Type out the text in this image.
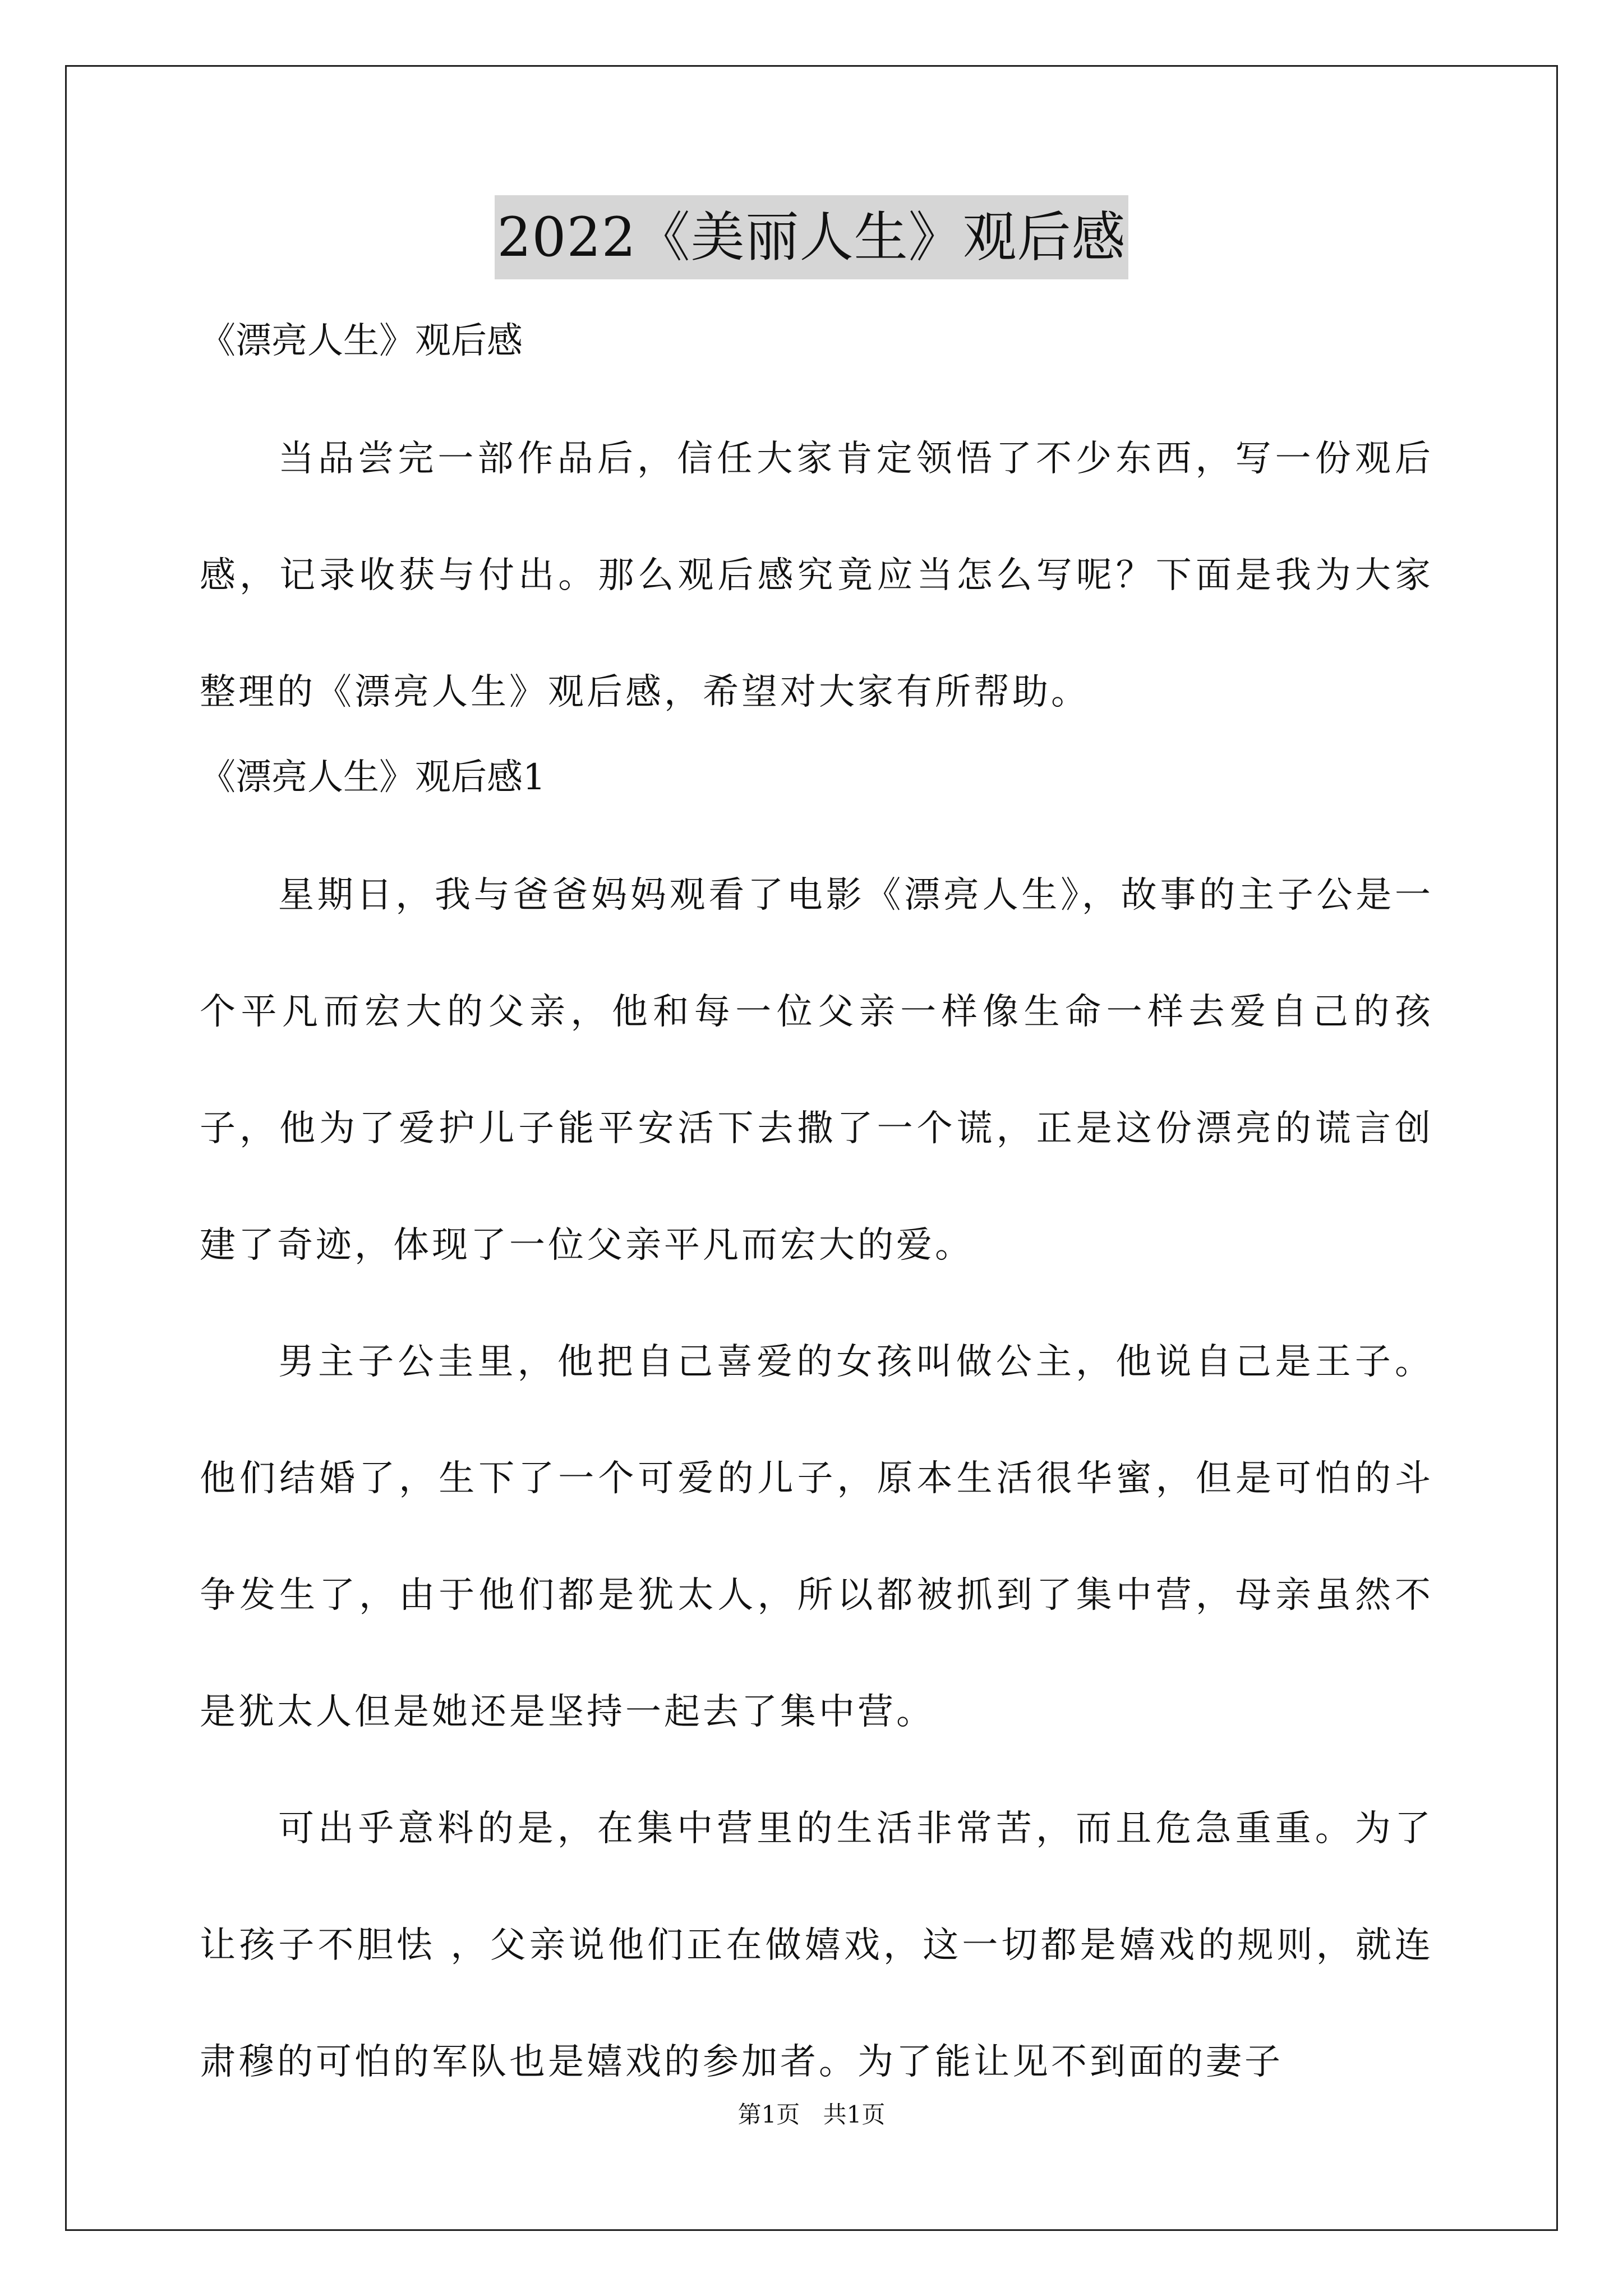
2022《美丽人生》观后感

《漂亮人生》观后感

当品尝完一部作品后，信任大家肯定领悟了不少东西，写一份观后感，记录收获与付出。那么观后感究竟应当怎么写呢？下面是我为大家整理的《漂亮人生》观后感，希望对大家有所帮助。

《漂亮人生》观后感1

星期日，我与爸爸妈妈观看了电影《漂亮人生》，故事的主子公是一个平凡而宏大的父亲，他和每一位父亲一样像生命一样去爱自己的孩子，他为了爱护儿子能平安活下去撒了一个谎，正是这份漂亮的谎言创建了奇迹，体现了一位父亲平凡而宏大的爱。

男主子公圭里，他把自己喜爱的女孩叫做公主，他说自己是王子。他们结婚了，生下了一个可爱的儿子，原本生活很华蜜，但是可怕的斗争发生了，由于他们都是犹太人，所以都被抓到了集中营，母亲虽然不是犹太人但是她还是坚持一起去了集中营。

可出乎意料的是，在集中营里的生活非常苦，而且危急重重。为了让孩子不胆怯 ，父亲说他们正在做嬉戏，这一切都是嬉戏的规则，就连肃穆的可怕的军队也是嬉戏的参加者。为了能让见不到面的妻子

第1页 共1页
